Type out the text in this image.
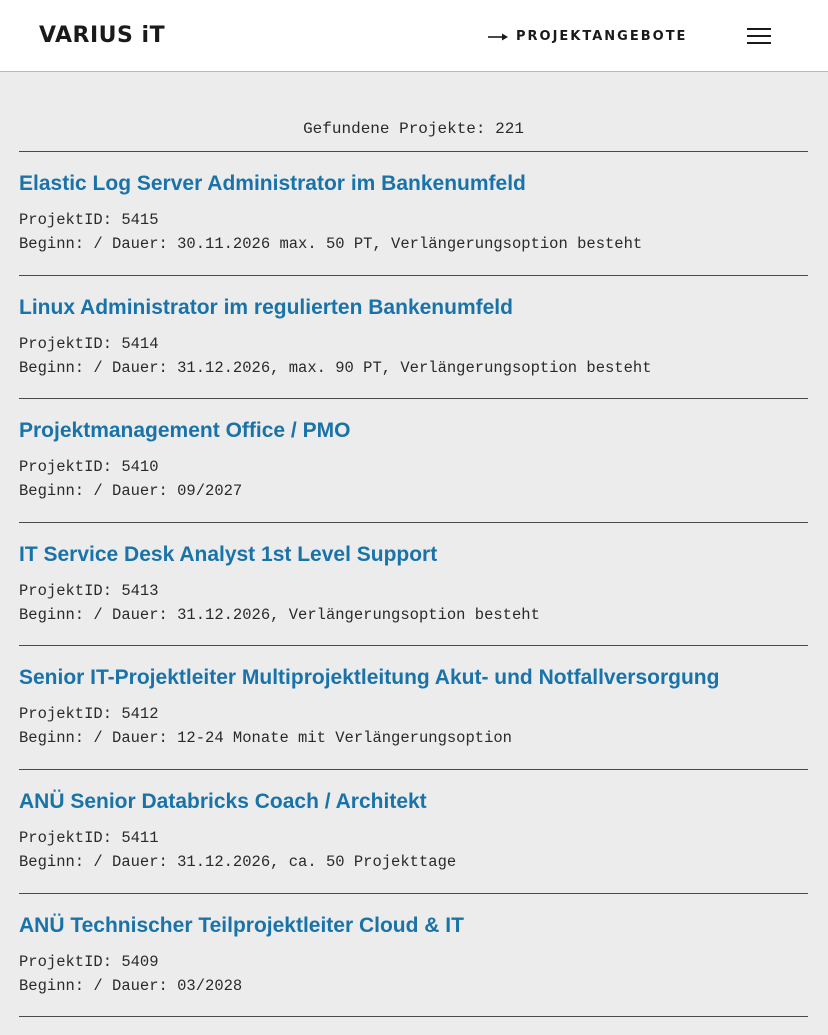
VARIUS iT	PROJEKTANGEBOTE
Gefundene Projekte: 221
Elastic Log Server Administrator im Bankenumfeld
ProjektID: 5415
Beginn: / Dauer: 30.11.2026 max. 50 PT, Verlängerungsoption besteht
Linux Administrator im regulierten Bankenumfeld
ProjektID: 5414
Beginn: / Dauer: 31.12.2026, max. 90 PT, Verlängerungsoption besteht
Projektmanagement Office / PMO
ProjektID: 5410
Beginn: / Dauer: 09/2027
IT Service Desk Analyst 1st Level Support
ProjektID: 5413
Beginn: / Dauer: 31.12.2026, Verlängerungsoption besteht
Senior IT-Projektleiter Multiprojektleitung Akut- und Notfallversorgung
ProjektID: 5412
Beginn: / Dauer: 12-24 Monate mit Verlängerungsoption
ANÜ Senior Databricks Coach / Architekt
ProjektID: 5411
Beginn: / Dauer: 31.12.2026, ca. 50 Projekttage
ANÜ Technischer Teilprojektleiter Cloud & IT
ProjektID: 5409
Beginn: / Dauer: 03/2028
